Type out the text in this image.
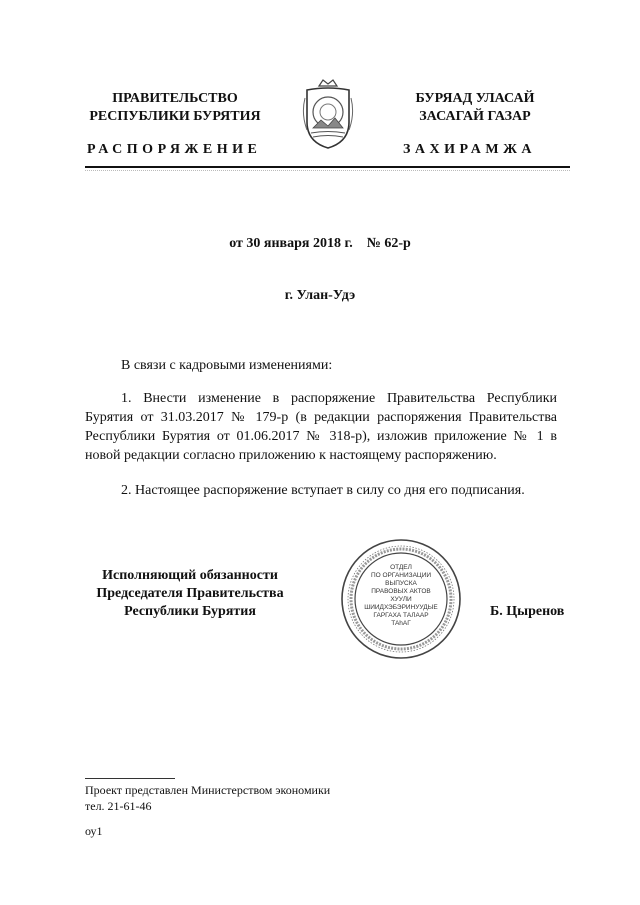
ПРАВИТЕЛЬСТВО
РЕСПУБЛИКИ БУРЯТИЯ
БУРЯАД УЛАСАЙ
ЗАСАГАЙ ГАЗАР
РАСПОРЯЖЕНИЕ	ЗАХИРАМЖА
от 30 января 2018 г. № 62-р
г. Улан-Удэ
В связи с кадровыми изменениями:
1. Внести изменение в распоряжение Правительства Республики Бурятия от 31.03.2017 № 179-р (в редакции распоряжения Правительства Республики Бурятия от 01.06.2017 № 318-р), изложив приложение № 1 в новой редакции согласно приложению к настоящему распоряжению.
2. Настоящее распоряжение вступает в силу со дня его подписания.
Исполняющий обязанности
Председателя Правительства
Республики Бурятия
ОТДЕЛ
ПО ОРГАНИЗАЦИИ
ВЫПУСКА
ПРАВОВЫХ АКТОВ
ХУУЛИ
ШИИДХЭБЭРИНУУДЫЕ
ГАРГАХА ТАЛААР
ТАһАГ
Б. Цыренов
Проект представлен Министерством экономики
тел. 21-61-46
оу1
